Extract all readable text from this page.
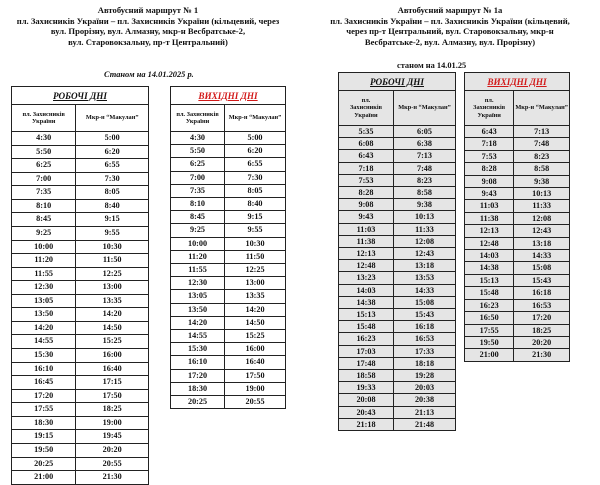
Автобусний маршрут № 1
пл. Захисників України – пл. Захисників України (кільцевий, через
вул. Прорізну, вул. Алмазну, мкр-н Весбратське-2,
вул. Старовокзальну, пр-т Центральний)
Станом на 14.01.2025 р.
Автобусний маршрут № 1а
пл. Захисників України – пл. Захисників України (кільцевий,
через пр-т Центральний, вул. Старовокзальну, мкр-н
Весбратське-2, вул. Алмазну, вул. Прорізну)
станом на 14.01.25
РОБОЧІ ДНІ	

пл. Захисників
України	Мкр-н “Макулан”
4:30	5:00
5:50	6:20
6:25	6:55
7:00	7:30
7:35	8:05
8:10	8:40
8:45	9:15
9:25	9:55
10:00	10:30
11:20	11:50
11:55	12:25
12:30	13:00
13:05	13:35
13:50	14:20
14:20	14:50
14:55	15:25
15:30	16:00
16:10	16:40
16:45	17:15
17:20	17:50
17:55	18:25
18:30	19:00
19:15	19:45
19:50	20:20
20:25	20:55
21:00	21:30
ВИХІДНІ ДНІ	

пл. Захисників
України	Мкр-н “Макулан”
4:30	5:00
5:50	6:20
6:25	6:55
7:00	7:30
7:35	8:05
8:10	8:40
8:45	9:15
9:25	9:55
10:00	10:30
11:20	11:50
11:55	12:25
12:30	13:00
13:05	13:35
13:50	14:20
14:20	14:50
14:55	15:25
15:30	16:00
16:10	16:40
17:20	17:50
18:30	19:00
20:25	20:55
РОБОЧІ ДНІ	

пл.
Захисників
України	Мкр-н “Макулан”
5:35	6:05
6:08	6:38
6:43	7:13
7:18	7:48
7:53	8:23
8:28	8:58
9:08	9:38
9:43	10:13
11:03	11:33
11:38	12:08
12:13	12:43
12:48	13:18
13:23	13:53
14:03	14:33
14:38	15:08
15:13	15:43
15:48	16:18
16:23	16:53
17:03	17:33
17:48	18:18
18:58	19:28
19:33	20:03
20:08	20:38
20:43	21:13
21:18	21:48
ВИХІДНІ ДНІ	

пл.
Захисників
України	Мкр-н “Макулан”
6:43	7:13
7:18	7:48
7:53	8:23
8:28	8:58
9:08	9:38
9:43	10:13
11:03	11:33
11:38	12:08
12:13	12:43
12:48	13:18
14:03	14:33
14:38	15:08
15:13	15:43
15:48	16:18
16:23	16:53
16:50	17:20
17:55	18:25
19:50	20:20
21:00	21:30
